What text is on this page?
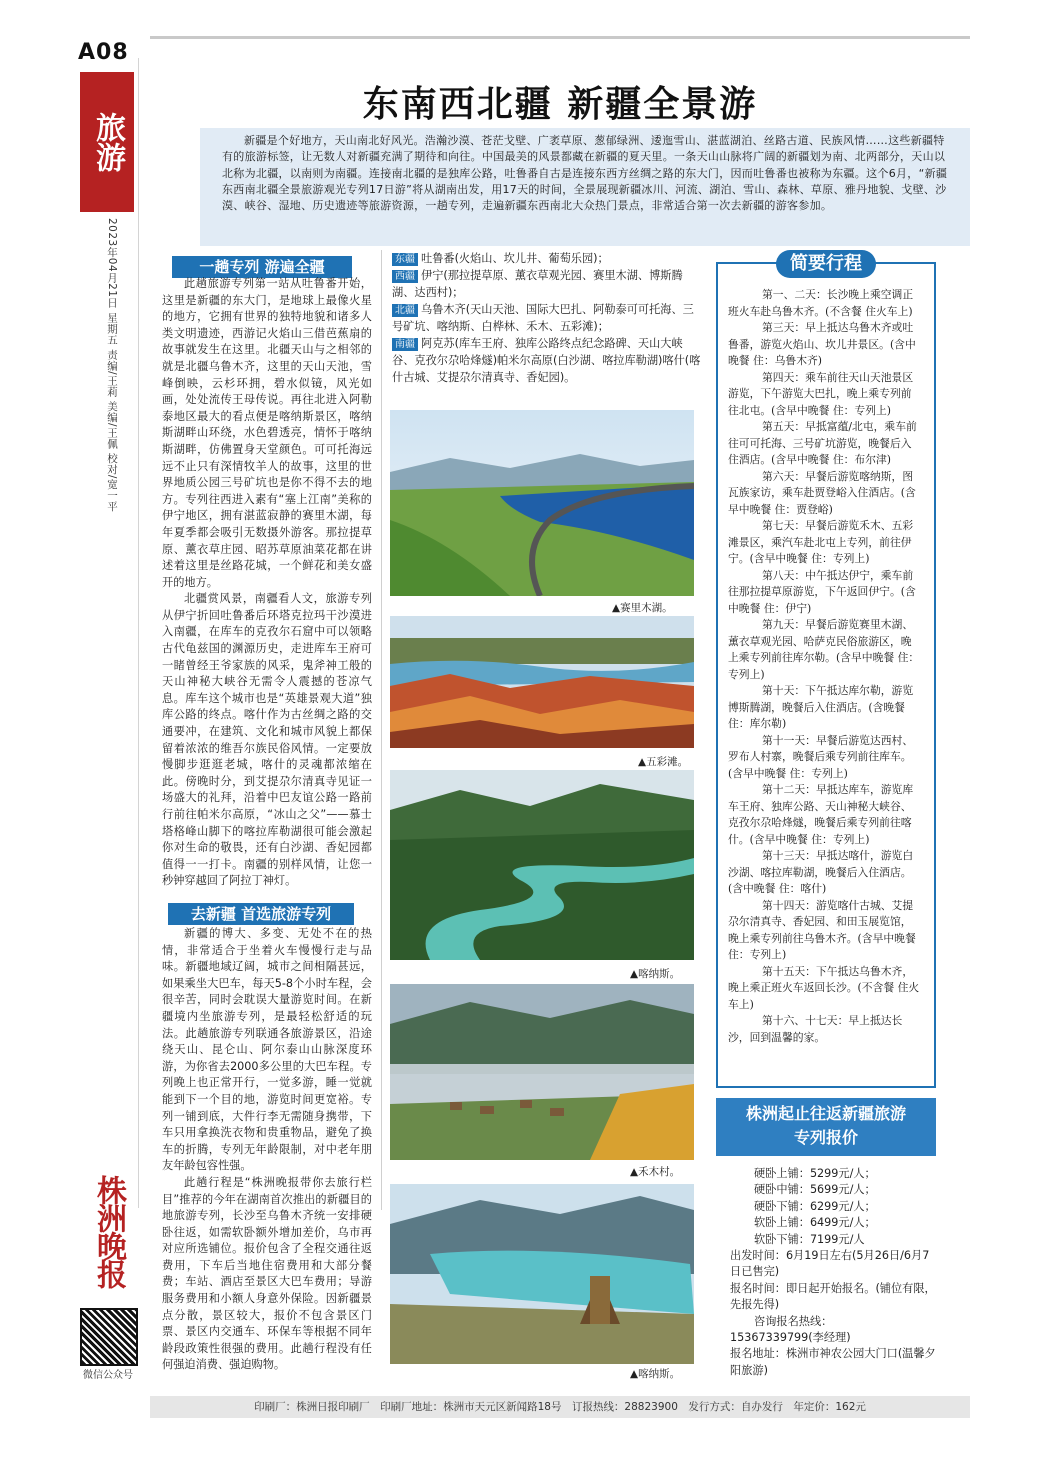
A08
旅游
2023年04月21日 星期五 责编/王莉 美编/王佩 校对/宽一平
株洲晚报
微信公众号
东南西北疆 新疆全景游
新疆是个好地方，天山南北好风光。浩瀚沙漠、苍茫戈壁、广袤草原、葱郁绿洲、逶迤雪山、湛蓝湖泊、丝路古道、民族风情……这些新疆特有的旅游标签，让无数人对新疆充满了期待和向往。中国最美的风景都藏在新疆的夏天里。一条天山山脉将广阔的新疆划为南、北两部分，天山以北称为北疆，以南则为南疆。连接南北疆的是独库公路，吐鲁番自古是连接东西方丝绸之路的东大门，因而吐鲁番也被称为东疆。这个6月，“新疆东西南北疆全景旅游观光专列17日游”将从湖南出发，用17天的时间，全景展现新疆冰川、河流、湖泊、雪山、森林、草原、雅丹地貌、戈壁、沙漠、峡谷、湿地、历史遗迹等旅游资源，一趟专列，走遍新疆东西南北大众热门景点，非常适合第一次去新疆的游客参加。
一趟专列 游遍全疆

此趟旅游专列第一站从吐鲁番开始，这里是新疆的东大门，是地球上最像火星的地方，它拥有世界的独特地貌和诸多人类文明遗迹，西游记火焰山三借芭蕉扇的故事就发生在这里。北疆天山与之相邻的就是北疆乌鲁木齐，这里的天山天池，雪峰倒映，云杉环拥，碧水似镜，风光如画，处处流传王母传说。再往北进入阿勒泰地区最大的看点便是喀纳斯景区，喀纳斯湖畔山环绕，水色碧透亮，情怀于喀纳斯湖畔，仿佛置身天堂颜色。可可托海远远不止只有深情牧羊人的故事，这里的世界地质公园三号矿坑也是你不得不去的地方。专列往西进入素有“塞上江南”美称的伊宁地区，拥有湛蓝寂静的赛里木湖，每年夏季都会吸引无数摄外游客。那拉提草原、薰衣草庄园、昭苏草原油菜花都在讲述着这里是丝路花城，一个鲜花和美女盛开的地方。

北疆赏风景，南疆看人文，旅游专列从伊宁折回吐鲁番后环塔克拉玛干沙漠进入南疆，在库车的克孜尔石窟中可以领略古代龟兹国的渊源历史，走进库车王府可一睹曾经王爷家族的风采，鬼斧神工般的天山神秘大峡谷无需令人震撼的苍凉气息。库车这个城市也是“英雄景观大道”独库公路的终点。喀什作为古丝绸之路的交通要冲，在建筑、文化和城市风貌上都保留着浓浓的维吾尔族民俗风情。一定要放慢脚步逛逛老城，喀什的灵魂都浓缩在此。傍晚时分，到艾提尕尔清真寺见证一场盛大的礼拜，沿着中巴友谊公路一路前行前往帕米尔高原，“冰山之父”——慕士塔格峰山脚下的喀拉库勒湖很可能会激起你对生命的敬畏，还有白沙湖、香妃园都值得一一打卡。南疆的别样风情，让您一秒钟穿越回了阿拉丁神灯。

去新疆 首选旅游专列

新疆的博大、多变、无处不在的热情，非常适合于坐着火车慢慢行走与品味。新疆地域辽阔，城市之间相隔甚远，如果乘坐大巴车，每天5-8个小时车程，会很辛苦，同时会耽误大量游览时间。在新疆境内坐旅游专列，是最轻松舒适的玩法。此趟旅游专列联通各旅游景区，沿途绕天山、昆仑山、阿尔泰山山脉深度环游，为你省去2000多公里的大巴车程。专列晚上也正常开行，一觉多游，睡一觉就能到下一个目的地，游览时间更宽裕。专列一铺到底，大件行李无需随身携带，下车只用拿换洗衣物和贵重物品，避免了换车的折腾，专列无年龄限制，对中老年朋友年龄包容性强。

此趟行程是“株洲晚报带你去旅行栏目”推荐的今年在湖南首次推出的新疆目的地旅游专列，长沙至乌鲁木齐统一安排硬卧往返，如需软卧额外增加差价，乌市再对应所选铺位。报价包含了全程交通往返费用，下车后当地住宿费用和大部分餐费；车站、酒店至景区大巴车费用；导游服务费用和小额人身意外保险。因新疆景点分散，景区较大，报价不包含景区门票、景区内交通车、环保车等根据不同年龄段政策性很强的费用。此趟行程没有任何强迫消费、强迫购物。

东疆 吐鲁番(火焰山、坎儿井、葡萄乐园)；

西疆 伊宁(那拉提草原、薰衣草观光园、赛里木湖、博斯腾湖、达西村)；

北疆 乌鲁木齐(天山天池、国际大巴扎、阿勒泰可可托海、三号矿坑、喀纳斯、白桦林、禾木、五彩滩)；

南疆 阿克苏(库车王府、独库公路终点纪念路碑、天山大峡谷、克孜尔尕哈烽燧)帕米尔高原(白沙湖、喀拉库勒湖)喀什(喀什古城、艾提尕尔清真寺、香妃园)。

▲赛里木湖。
▲五彩滩。
▲喀纳斯。
▲禾木村。
▲喀纳斯。
简要行程

第一、二天：长沙晚上乘空调正班火车赴乌鲁木齐。(不含餐 住火车上)

第三天：早上抵达乌鲁木齐或吐鲁番，游览火焰山、坎儿井景区。(含中晚餐 住：乌鲁木齐)

第四天：乘车前往天山天池景区游览，下午游览大巴扎，晚上乘专列前往北屯。(含早中晚餐 住：专列上)

第五天：早抵富蕴/北屯，乘车前往可可托海、三号矿坑游览，晚餐后入住酒店。(含早中晚餐 住：布尔津)

第六天：早餐后游览喀纳斯，图瓦族家访，乘车赴贾登峪入住酒店。(含早中晚餐 住：贾登峪)

第七天：早餐后游览禾木、五彩滩景区，乘汽车赴北屯上专列，前往伊宁。(含早中晚餐 住：专列上)

第八天：中午抵达伊宁，乘车前往那拉提草原游览，下午返回伊宁。(含中晚餐 住：伊宁)

第九天：早餐后游览赛里木湖、薰衣草观光园、哈萨克民俗旅游区，晚上乘专列前往库尔勒。(含早中晚餐 住：专列上)

第十天：下午抵达库尔勒，游览博斯腾湖，晚餐后入住酒店。(含晚餐 住：库尔勒)

第十一天：早餐后游览达西村、罗布人村寨，晚餐后乘专列前往库车。(含早中晚餐 住：专列上)

第十二天：早抵达库车，游览库车王府、独库公路、天山神秘大峡谷、克孜尔尕哈烽燧，晚餐后乘专列前往喀什。(含早中晚餐 住：专列上)

第十三天：早抵达喀什，游览白沙湖、喀拉库勒湖，晚餐后入住酒店。(含中晚餐 住：喀什)

第十四天：游览喀什古城、艾提尕尔清真寺、香妃园、和田玉展览馆，晚上乘专列前往乌鲁木齐。(含早中晚餐 住：专列上)

第十五天：下午抵达乌鲁木齐，晚上乘正班火车返回长沙。(不含餐 住火车上)

第十六、十七天：早上抵达长沙，回到温馨的家。

株洲起止往返新疆旅游
专列报价

硬卧上铺：5299元/人；

硬卧中铺：5699元/人；

硬卧下铺：6299元/人；

软卧上铺：6499元/人；

软卧下铺：7199元/人

出发时间：6月19日左右(5月26日/6月7日已售完)

报名时间：即日起开始报名。(铺位有限，先报先得)

咨询报名热线：

15367339799(李经理)

报名地址：株洲市神农公园大门口(温馨夕阳旅游)

印刷厂：株洲日报印刷厂　印刷厂地址：株洲市天元区新闻路18号　订报热线：28823900　发行方式：自办发行　年定价：162元
